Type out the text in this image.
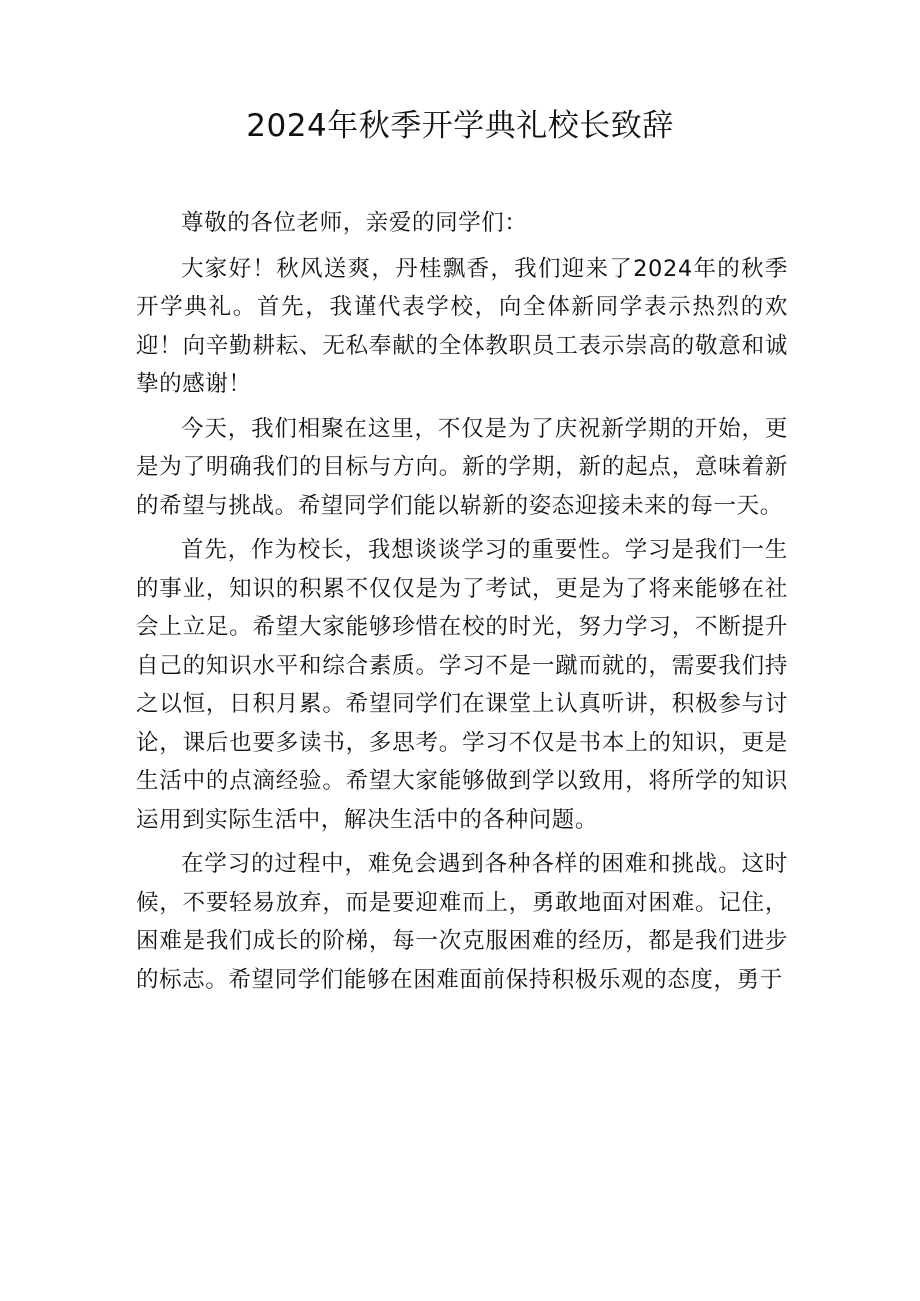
2024年秋季开学典礼校长致辞

尊敬的各位老师，亲爱的同学们：

大家好！秋风送爽，丹桂飘香，我们迎来了2024年的秋季开学典礼。首先，我谨代表学校，向全体新同学表示热烈的欢迎！向辛勤耕耘、无私奉献的全体教职员工表示崇高的敬意和诚挚的感谢！

今天，我们相聚在这里，不仅是为了庆祝新学期的开始，更是为了明确我们的目标与方向。新的学期，新的起点，意味着新的希望与挑战。希望同学们能以崭新的姿态迎接未来的每一天。

首先，作为校长，我想谈谈学习的重要性。学习是我们一生的事业，知识的积累不仅仅是为了考试，更是为了将来能够在社会上立足。希望大家能够珍惜在校的时光，努力学习，不断提升自己的知识水平和综合素质。学习不是一蹴而就的，需要我们持之以恒，日积月累。希望同学们在课堂上认真听讲，积极参与讨论，课后也要多读书，多思考。学习不仅是书本上的知识，更是生活中的点滴经验。希望大家能够做到学以致用，将所学的知识运用到实际生活中，解决生活中的各种问题。

在学习的过程中，难免会遇到各种各样的困难和挑战。这时候，不要轻易放弃，而是要迎难而上，勇敢地面对困难。记住，困难是我们成长的阶梯，每一次克服困难的经历，都是我们进步的标志。希望同学们能够在困难面前保持积极乐观的态度，勇于
